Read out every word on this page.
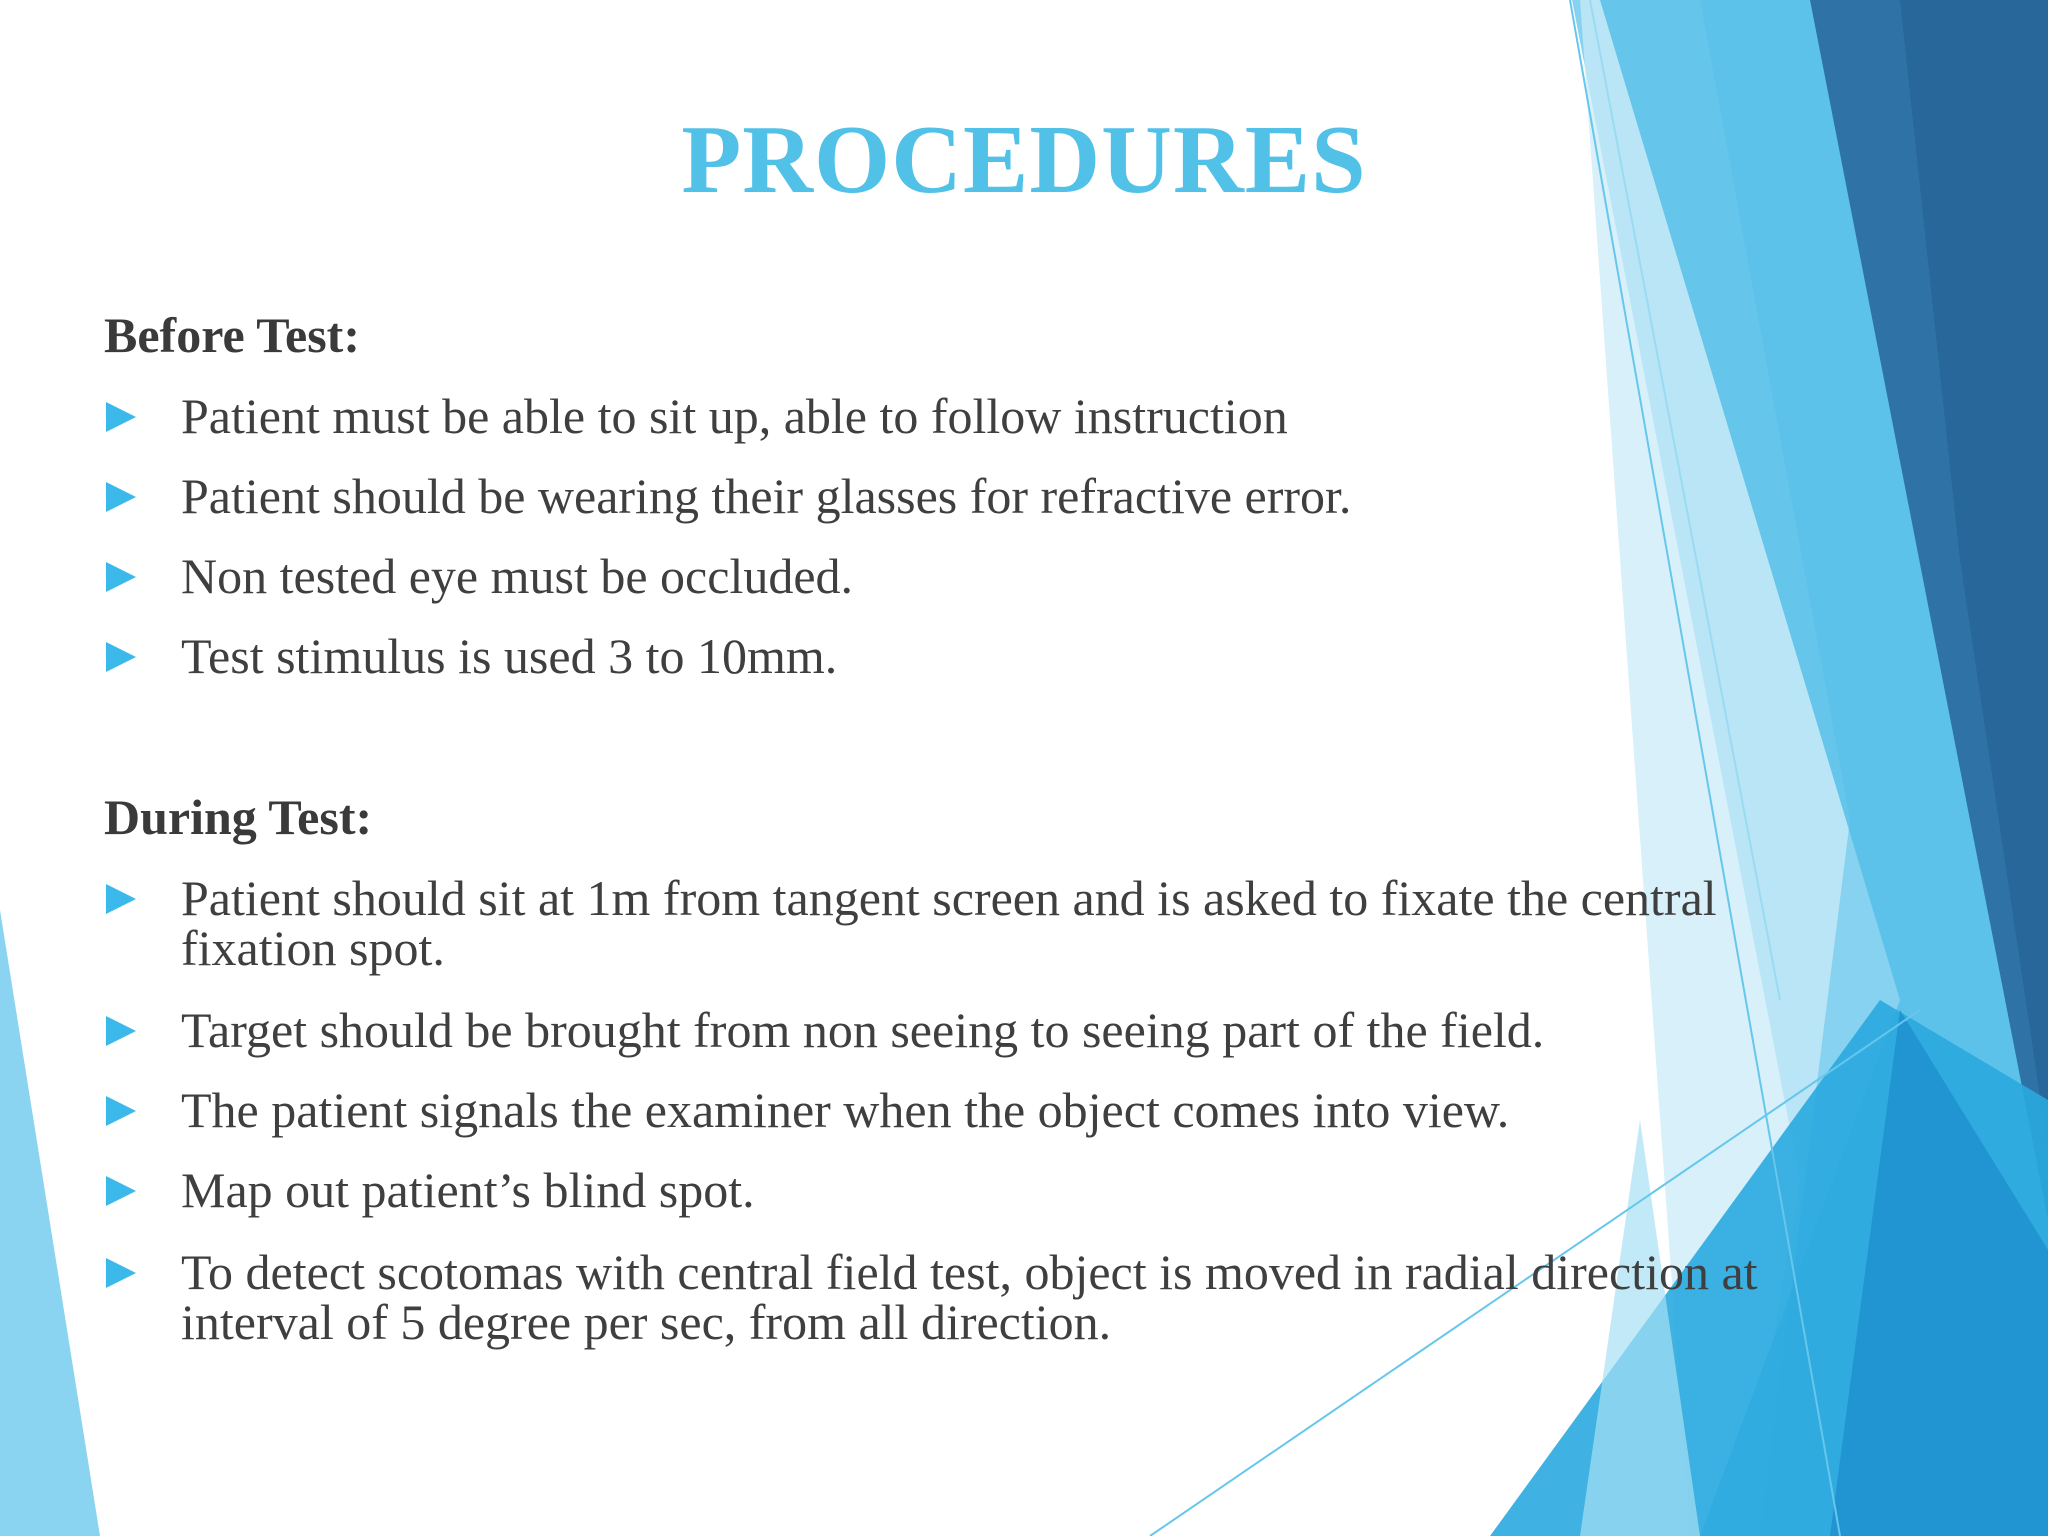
PROCEDURES
Before Test:
Patient must be able to sit up, able to follow instruction
Patient should be wearing their glasses for refractive error.
Non tested eye must be occluded.
Test stimulus is used 3 to 10mm.
During Test:
Patient should sit at 1m from tangent screen and is asked to fixate the central
fixation spot.
Target should be brought from non seeing to seeing part of the field.
The patient signals the examiner when the object comes into view.
Map out patient’s blind spot.
To detect scotomas with central field test, object is moved in radial direction at
interval of 5 degree per sec, from all direction.
